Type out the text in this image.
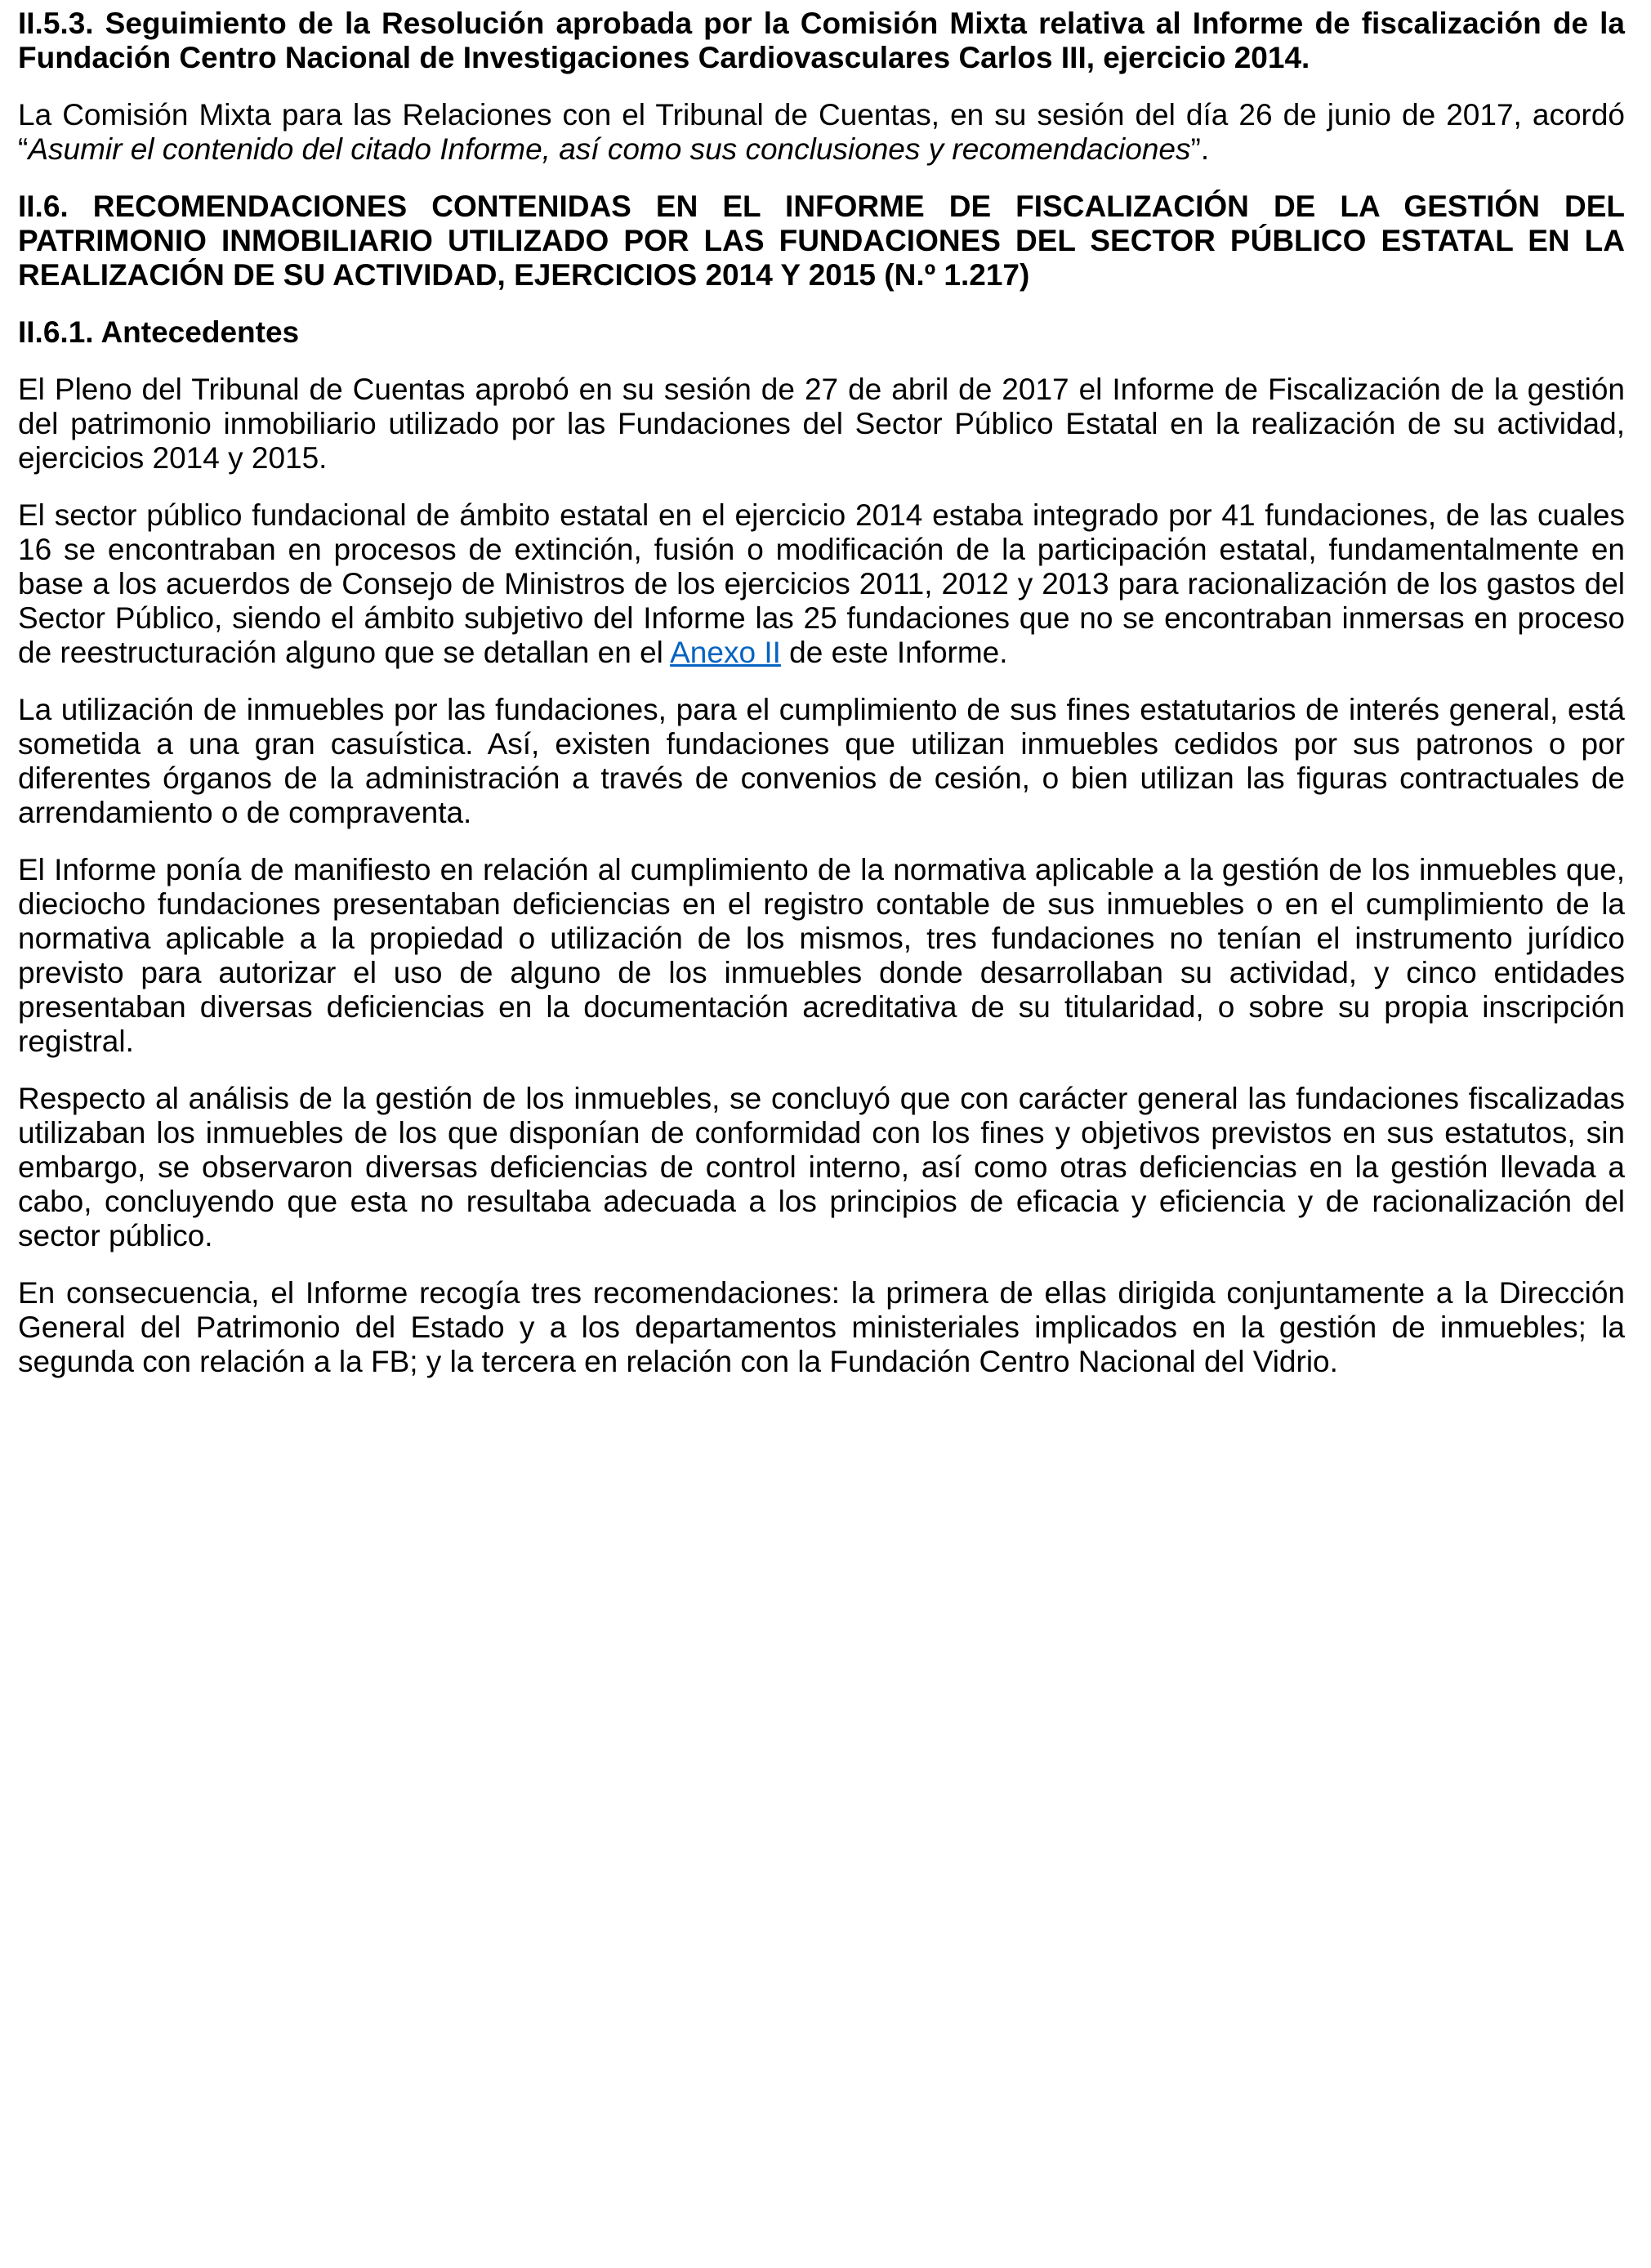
II.5.3. Seguimiento de la Resolución aprobada por la Comisión Mixta relativa al Informe de fiscalización de la Fundación Centro Nacional de Investigaciones Cardiovasculares Carlos III, ejercicio 2014.

La Comisión Mixta para las Relaciones con el Tribunal de Cuentas, en su sesión del día 26 de junio de 2017, acordó “Asumir el contenido del citado Informe, así como sus conclusiones y recomendaciones”.

II.6. RECOMENDACIONES CONTENIDAS EN EL INFORME DE FISCALIZACIÓN DE LA GESTIÓN DEL PATRIMONIO INMOBILIARIO UTILIZADO POR LAS FUNDACIONES DEL SECTOR PÚBLICO ESTATAL EN LA REALIZACIÓN DE SU ACTIVIDAD, EJERCICIOS 2014 Y 2015 (N.º 1.217)
II.6.1. Antecedentes

El Pleno del Tribunal de Cuentas aprobó en su sesión de 27 de abril de 2017 el Informe de Fiscalización de la gestión del patrimonio inmobiliario utilizado por las Fundaciones del Sector Público Estatal en la realización de su actividad, ejercicios 2014 y 2015.

El sector público fundacional de ámbito estatal en el ejercicio 2014 estaba integrado por 41 fundaciones, de las cuales 16 se encontraban en procesos de extinción, fusión o modificación de la participación estatal, fundamentalmente en base a los acuerdos de Consejo de Ministros de los ejercicios 2011, 2012 y 2013 para racionalización de los gastos del Sector Público, siendo el ámbito subjetivo del Informe las 25 fundaciones que no se encontraban inmersas en proceso de reestructuración alguno que se detallan en el Anexo II de este Informe.

La utilización de inmuebles por las fundaciones, para el cumplimiento de sus fines estatutarios de interés general, está sometida a una gran casuística. Así, existen fundaciones que utilizan inmuebles cedidos por sus patronos o por diferentes órganos de la administración a través de convenios de cesión, o bien utilizan las figuras contractuales de arrendamiento o de compraventa.

El Informe ponía de manifiesto en relación al cumplimiento de la normativa aplicable a la gestión de los inmuebles que, dieciocho fundaciones presentaban deficiencias en el registro contable de sus inmuebles o en el cumplimiento de la normativa aplicable a la propiedad o utilización de los mismos, tres fundaciones no tenían el instrumento jurídico previsto para autorizar el uso de alguno de los inmuebles donde desarrollaban su actividad, y cinco entidades presentaban diversas deficiencias en la documentación acreditativa de su titularidad, o sobre su propia inscripción registral.

Respecto al análisis de la gestión de los inmuebles, se concluyó que con carácter general las fundaciones fiscalizadas utilizaban los inmuebles de los que disponían de conformidad con los fines y objetivos previstos en sus estatutos, sin embargo, se observaron diversas deficiencias de control interno, así como otras deficiencias en la gestión llevada a cabo, concluyendo que esta no resultaba adecuada a los principios de eficacia y eficiencia y de racionalización del sector público.

En consecuencia, el Informe recogía tres recomendaciones: la primera de ellas dirigida conjuntamente a la Dirección General del Patrimonio del Estado y a los departamentos ministeriales implicados en la gestión de inmuebles; la segunda con relación a la FB; y la tercera en relación con la Fundación Centro Nacional del Vidrio.
